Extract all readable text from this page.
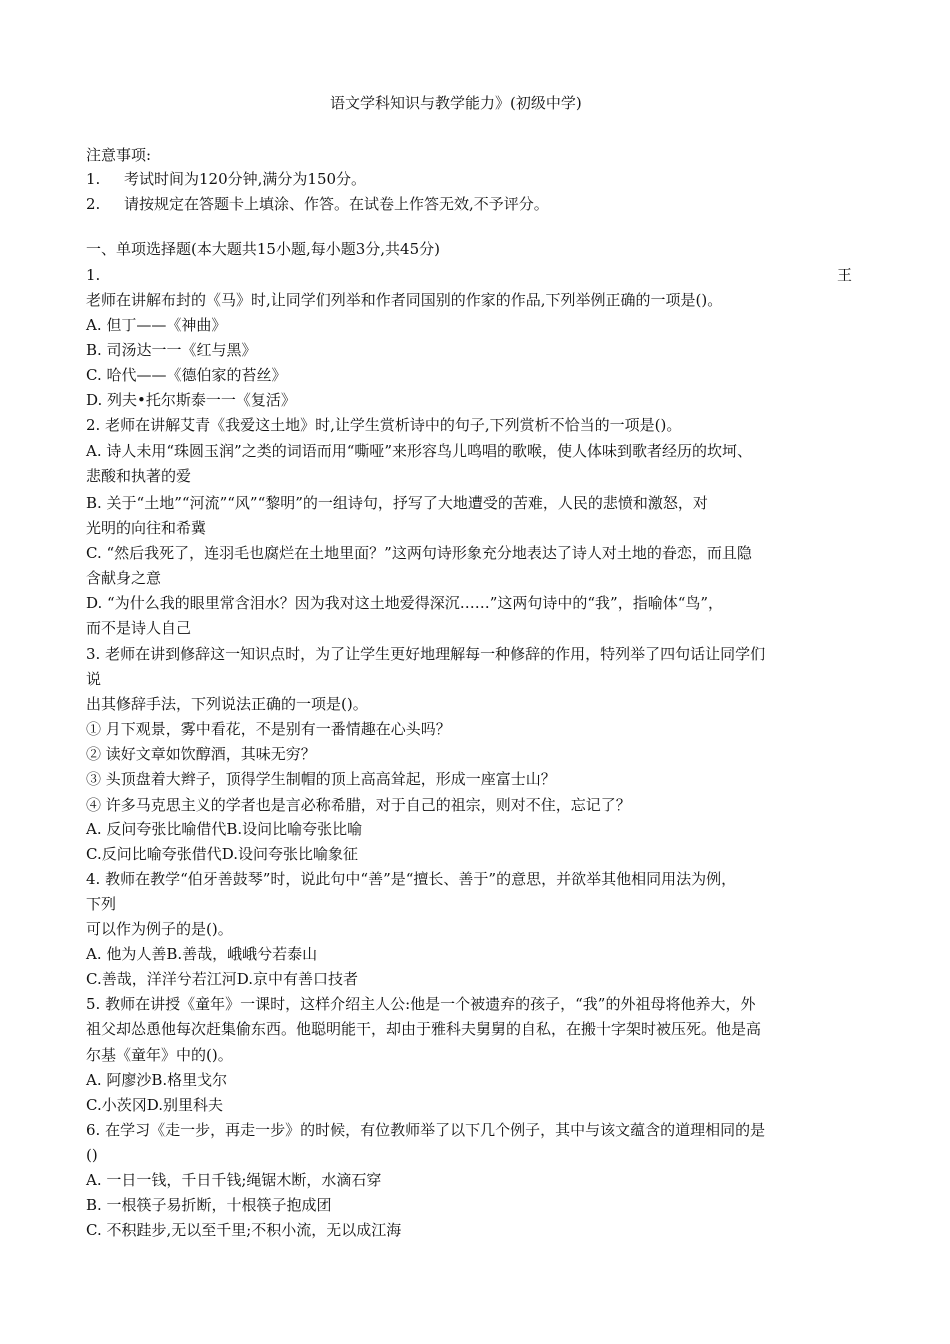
语文学科知识与教学能力》(初级中学)
注意事项:
1. 考试时间为120分钟,满分为150分。
2. 请按规定在答题卡上填涂、作答。在试卷上作答无效,不予评分。
一、单项选择题(本大题共15小题,每小题3分,共45分)
1.	王
老师在讲解布封的《马》时,让同学们列举和作者同国别的作家的作品,下列举例正确的一项是()。
A. 但丁——《神曲》
B. 司汤达一一《红与黑》
C. 哈代——《德伯家的苔丝》
D. 列夫•托尔斯泰一一《复活》
2. 老师在讲解艾青《我爱这土地》时,让学生赏析诗中的句子,下列赏析不恰当的一项是()。
A. 诗人未用“珠圆玉润”之类的词语而用“嘶哑”来形容鸟儿鸣唱的歌喉，使人体味到歌者经历的坎坷、
悲酸和执著的爱
B. 关于“土地”“河流”“风”“黎明”的一组诗句，抒写了大地遭受的苦难，人民的悲愤和激怒，对
光明的向往和希冀
C. “然后我死了，连羽毛也腐烂在土地里面？”这两句诗形象充分地表达了诗人对土地的眷恋，而且隐
含献身之意
D. “为什么我的眼里常含泪水？因为我对这土地爱得深沉……”这两句诗中的“我”，指喻体“鸟”，
而不是诗人自己
3. 老师在讲到修辞这一知识点时，为了让学生更好地理解每一种修辞的作用，特列举了四句话让同学们
说
出其修辞手法，下列说法正确的一项是()。
① 月下观景，雾中看花，不是别有一番情趣在心头吗？
② 读好文章如饮醇酒，其味无穷？
③ 头顶盘着大辫子，顶得学生制帽的顶上高高耸起，形成一座富士山？
④ 许多马克思主义的学者也是言必称希腊，对于自己的祖宗，则对不住，忘记了？
A. 反问夸张比喻借代B.设问比喻夸张比喻
C.反问比喻夸张借代D.设问夸张比喻象征
4. 教师在教学“伯牙善鼓琴”时，说此句中“善”是“擅长、善于”的意思，并欲举其他相同用法为例，
下列
可以作为例子的是()。
A. 他为人善B.善哉，峨峨兮若泰山
C.善哉，洋洋兮若江河D.京中有善口技者
5. 教师在讲授《童年》一课时，这样介绍主人公:他是一个被遗弃的孩子，“我”的外祖母将他养大，外
祖父却怂恿他每次赶集偷东西。他聪明能干，却由于雅科夫舅舅的自私，在搬十字架时被压死。他是高
尔基《童年》中的()。
A. 阿廖沙B.格里戈尔
C.小茨冈D.别里科夫
6. 在学习《走一步，再走一步》的时候，有位教师举了以下几个例子，其中与该文蕴含的道理相同的是
()
A. 一日一钱，千日千钱;绳锯木断，水滴石穿
B. 一根筷子易折断，十根筷子抱成团
C. 不积跬步,无以至千里;不积小流，无以成江海
